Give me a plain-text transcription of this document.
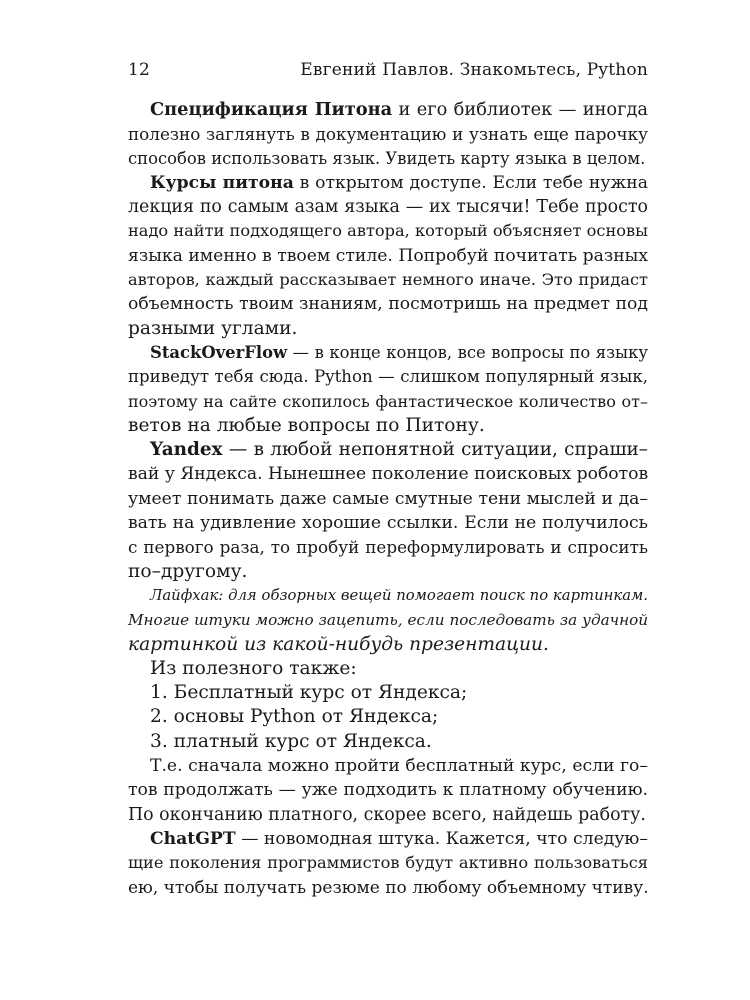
12	Евгений Павлов. Знакомьтесь, Python
Спецификация Питона и его библиотек — иногда
полезно заглянуть в документацию и узнать еще парочку
способов использовать язык. Увидеть карту языка в целом.
Курсы питона в открытом доступе. Если тебе нужна
лекция по самым азам языка — их тысячи! Тебе просто
надо найти подходящего автора, который объясняет основы
языка именно в твоем стиле. Попробуй почитать разных
авторов, каждый рассказывает немного иначе. Это придаст
объемность твоим знаниям, посмотришь на предмет под
разными углами.
StackOverFlow — в конце концов, все вопросы по языку
приведут тебя сюда. Python — слишком популярный язык,
поэтому на сайте скопилось фантастическое количество от–
ветов на любые вопросы по Питону.
Yandex — в любой непонятной ситуации, спраши–
вай у Яндекса. Нынешнее поколение поисковых роботов
умеет понимать даже самые смутные тени мыслей и да–
вать на удивление хорошие ссылки. Если не получилось
с первого раза, то пробуй переформулировать и спросить
по–другому.
Лайфхак: для обзорных вещей помогает поиск по картинкам.
Многие штуки можно зацепить, если последовать за удачной
картинкой из какой-нибудь презентации.
Из полезного также:
1. Бесплатный курс от Яндекса;
2. основы Python от Яндекса;
3. платный курс от Яндекса.
Т.е. сначала можно пройти бесплатный курс, если го–
тов продолжать — уже подходить к платному обучению.
По окончанию платного, скорее всего, найдешь работу.
ChatGPT — новомодная штука. Кажется, что следую–
щие поколения программистов будут активно пользоваться
ею, чтобы получать резюме по любому объемному чтиву.
